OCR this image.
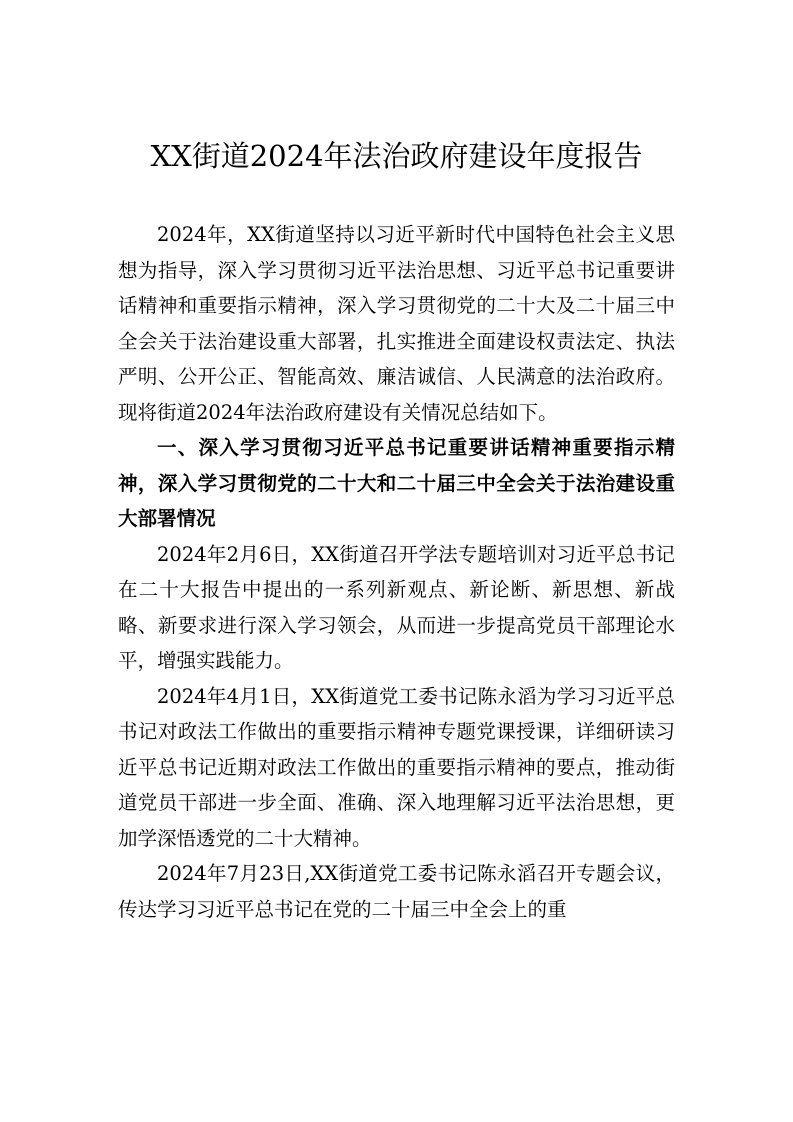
XX街道2024年法治政府建设年度报告

2024年，XX街道坚持以习近平新时代中国特色社会主义思想为指导，深入学习贯彻习近平法治思想、习近平总书记重要讲话精神和重要指示精神，深入学习贯彻党的二十大及二十届三中全会关于法治建设重大部署，扎实推进全面建设权责法定、执法严明、公开公正、智能高效、廉洁诚信、人民满意的法治政府。现将街道2024年法治政府建设有关情况总结如下。

一、深入学习贯彻习近平总书记重要讲话精神重要指示精神，深入学习贯彻党的二十大和二十届三中全会关于法治建设重大部署情况

2024年2月6日，XX街道召开学法专题培训对习近平总书记在二十大报告中提出的一系列新观点、新论断、新思想、新战略、新要求进行深入学习领会，从而进一步提高党员干部理论水平，增强实践能力。

2024年4月1日，XX街道党工委书记陈永滔为学习习近平总书记对政法工作做出的重要指示精神专题党课授课，详细研读习近平总书记近期对政法工作做出的重要指示精神的要点，推动街道党员干部进一步全面、准确、深入地理解习近平法治思想，更加学深悟透党的二十大精神。

2024年7月23日,XX街道党工委书记陈永滔召开专题会议，传达学习习近平总书记在党的二十届三中全会上的重
